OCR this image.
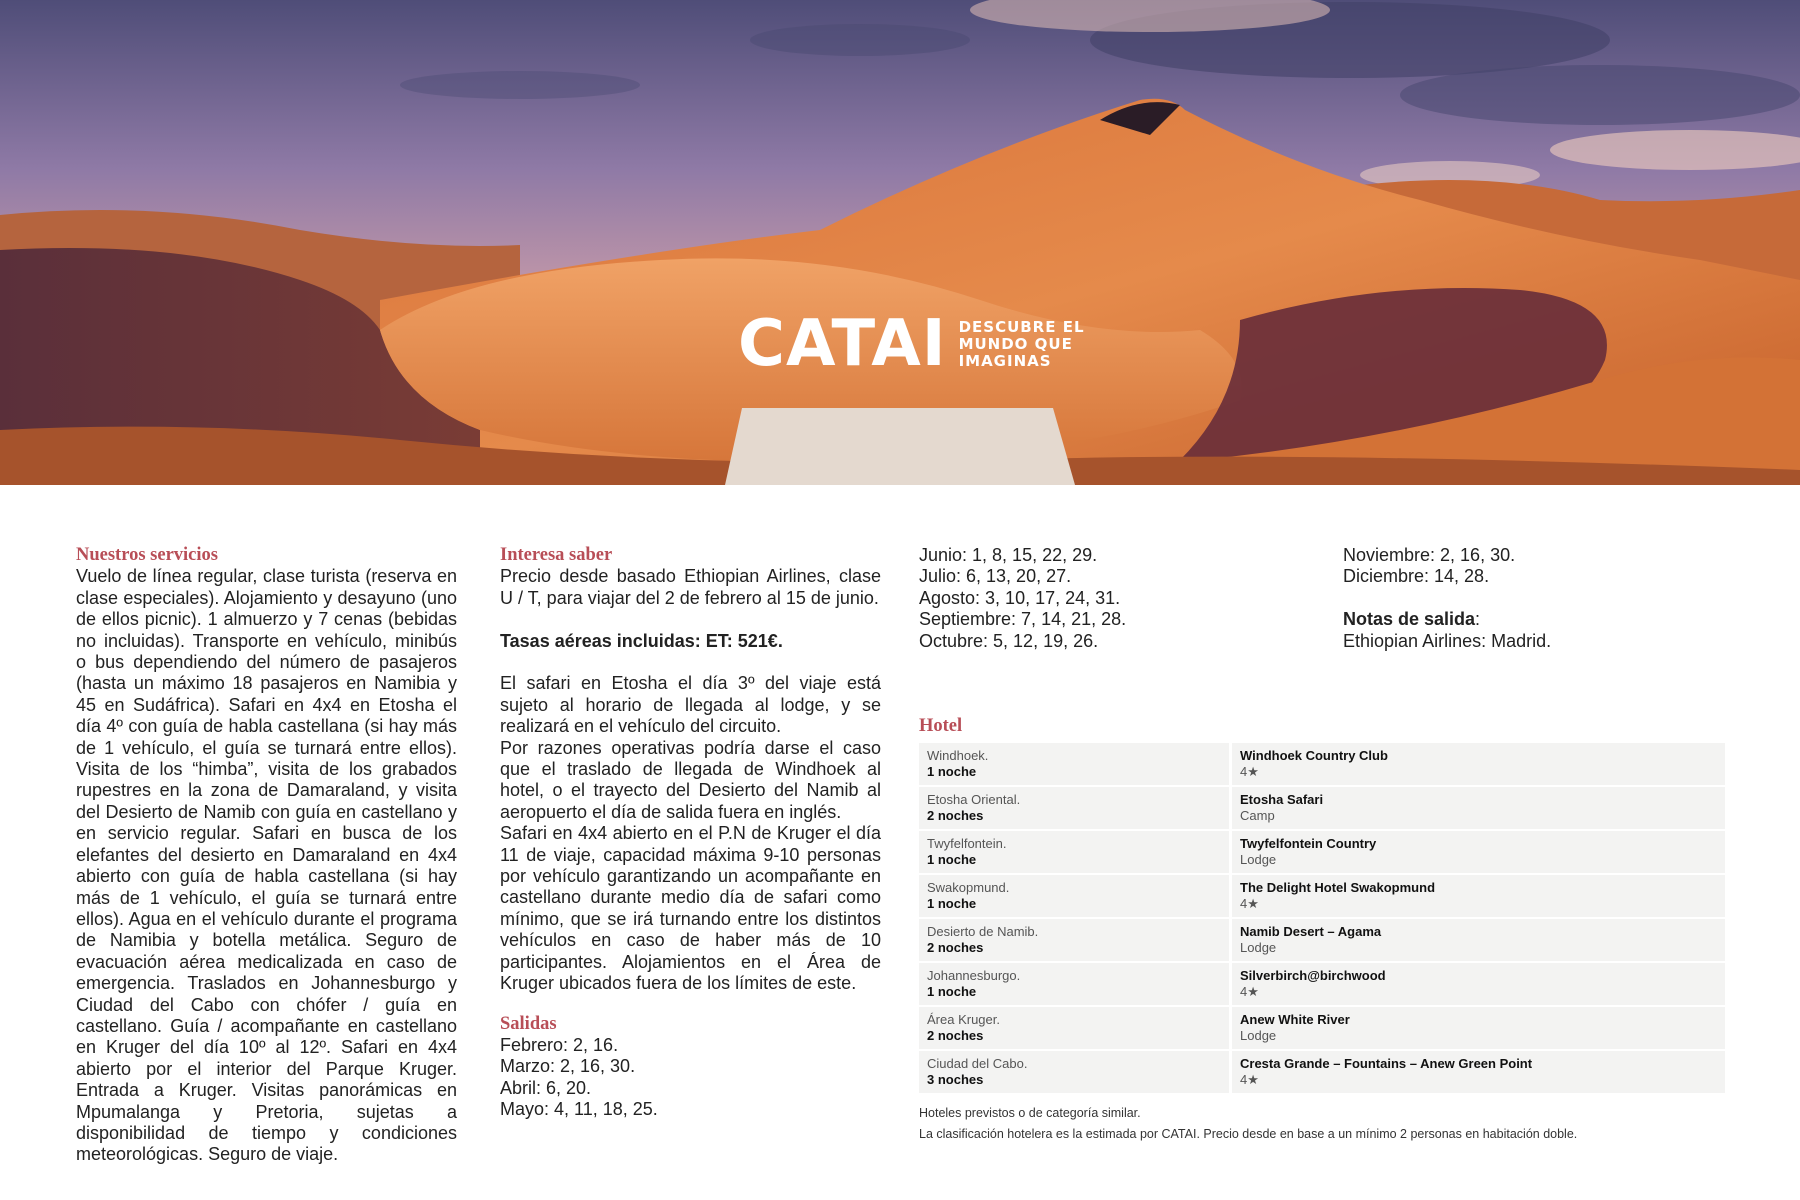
CATAI DESCUBRE EL
MUNDO QUE
IMAGINAS
Nuestros servicios
Vuelo de línea regular, clase turista (reserva en clase especiales). Alojamiento y desayuno (uno de ellos picnic). 1 almuerzo y 7 cenas (bebidas no incluidas). Transporte en vehículo, minibús o bus dependiendo del número de pasajeros (hasta un máximo 18 pasajeros en Namibia y 45 en Sudáfrica). Safari en 4x4 en Etosha el día 4º con guía de habla castellana (si hay más de 1 vehículo, el guía se turnará entre ellos). Visita de los “himba”, visita de los grabados rupestres en la zona de Damaraland, y visita del Desierto de Namib con guía en castellano y en servicio regular. Safari en busca de los elefantes del desierto en Damaraland en 4x4 abierto con guía de habla castellana (si hay más de 1 vehículo, el guía se turnará entre ellos). Agua en el vehículo durante el programa de Namibia y botella metálica. Seguro de evacuación aérea medicalizada en caso de emergencia. Traslados en Johannesburgo y Ciudad del Cabo con chófer / guía en castellano. Guía / acompañante en castellano en Kruger del día 10º al 12º. Safari en 4x4 abierto por el interior del Parque Kruger. Entrada a Kruger. Visitas panorámicas en Mpumalanga y Pretoria, sujetas a disponibilidad de tiempo y condiciones meteorológicas. Seguro de viaje.
Interesa saber
Precio desde basado Ethiopian Airlines, clase U / T, para viajar del 2 de febrero al 15 de junio.
Tasas aéreas incluidas: ET: 521€.
El safari en Etosha el día 3º del viaje está sujeto al horario de llegada al lodge, y se realizará en el vehículo del circuito.
Por razones operativas podría darse el caso que el traslado de llegada de Windhoek al hotel, o el trayecto del Desierto del Namib al aeropuerto el día de salida fuera en inglés.
Safari en 4x4 abierto en el P.N de Kruger el día 11 de viaje, capacidad máxima 9-10 personas por vehículo garantizando un acompañante en castellano durante medio día de safari como mínimo, que se irá turnando entre los distintos vehículos en caso de haber más de 10 participantes. Alojamientos en el Área de Kruger ubicados fuera de los límites de este.
Salidas
Febrero: 2, 16.
Marzo: 2, 16, 30.
Abril: 6, 20.
Mayo: 4, 11, 18, 25.
Junio: 1, 8, 15, 22, 29.
Julio: 6, 13, 20, 27.
Agosto: 3, 10, 17, 24, 31.
Septiembre: 7, 14, 21, 28.
Octubre: 5, 12, 19, 26.
Noviembre: 2, 16, 30.
Diciembre: 14, 28.
Notas de salida:
Ethiopian Airlines: Madrid.
Hotel
Windhoek.
1 noche
Windhoek Country Club
4★
Etosha Oriental.
2 noches
Etosha Safari
Camp
Twyfelfontein.
1 noche
Twyfelfontein Country
Lodge
Swakopmund.
1 noche
The Delight Hotel Swakopmund
4★
Desierto de Namib.
2 noches
Namib Desert – Agama
Lodge
Johannesburgo.
1 noche
Silverbirch@birchwood
4★
Área Kruger.
2 noches
Anew White River
Lodge
Ciudad del Cabo.
3 noches
Cresta Grande – Fountains – Anew Green Point
4★
Hoteles previstos o de categoría similar.
La clasificación hotelera es la estimada por CATAI. Precio desde en base a un mínimo 2 personas en habitación doble.
